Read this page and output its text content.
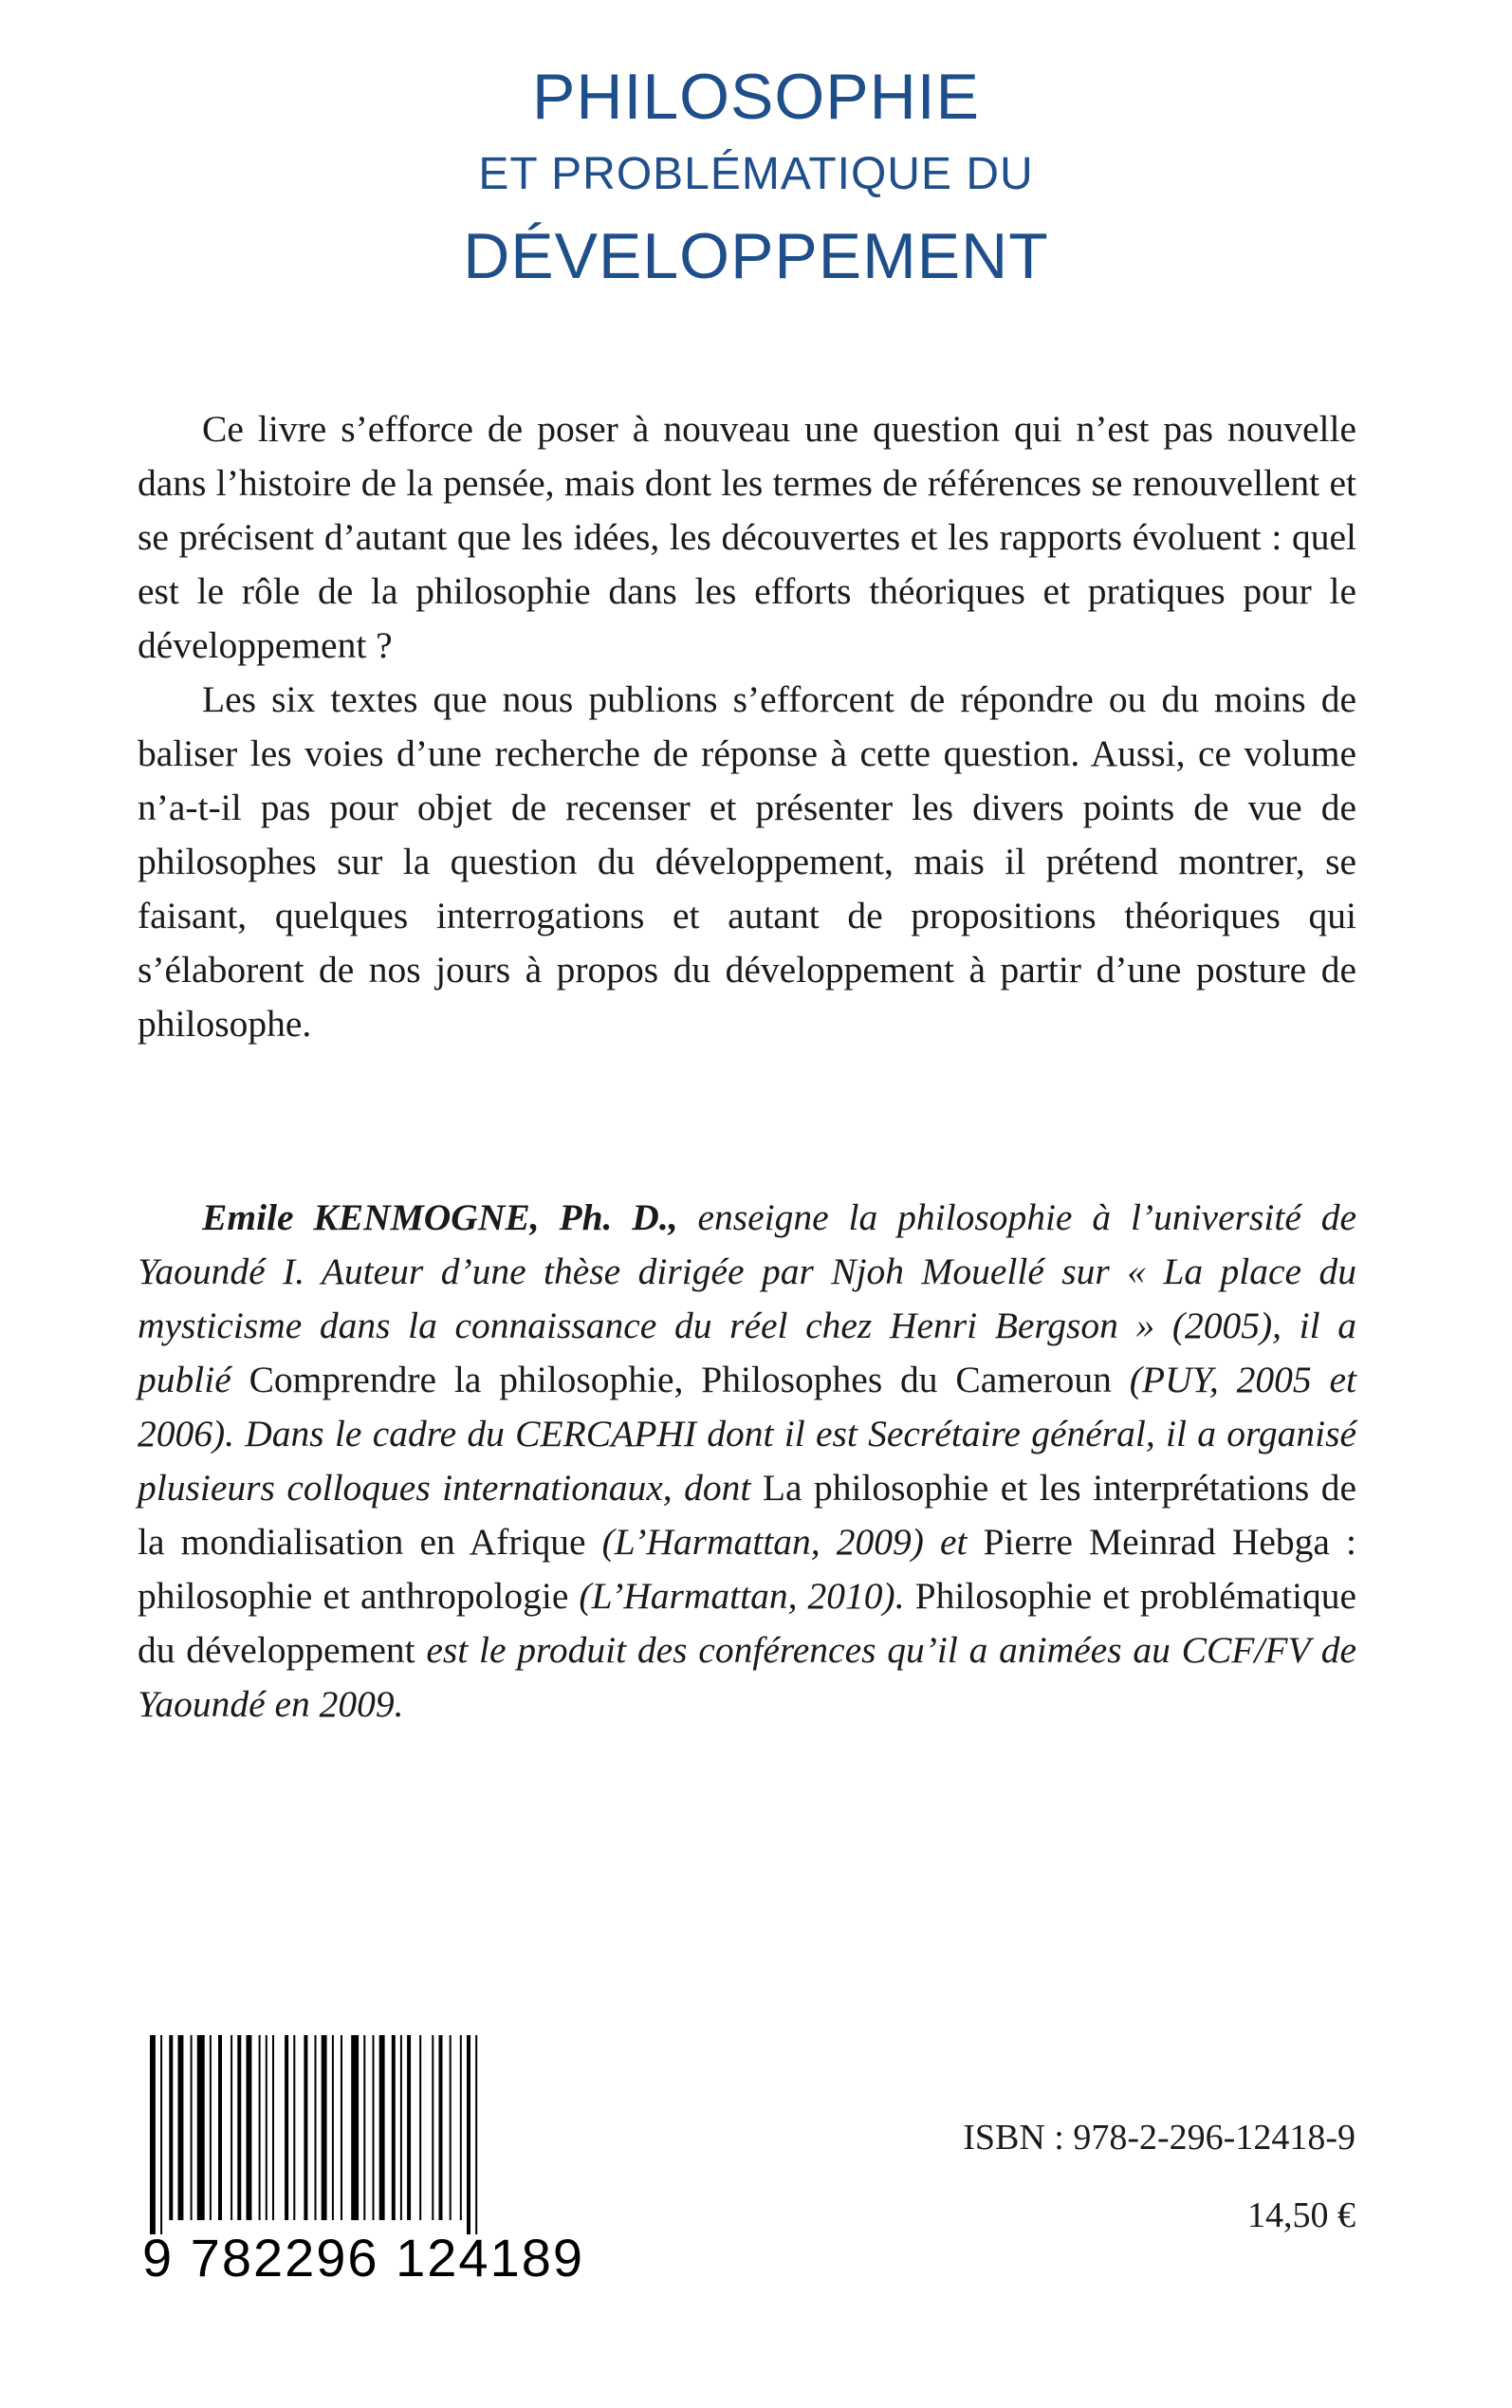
PHILOSOPHIE
ET PROBLÉMATIQUE DU
DÉVELOPPEMENT

Ce livre s’efforce de poser à nouveau une question qui n’est pas nouvelle dans l’histoire de la pensée, mais dont les termes de références se renouvellent et se précisent d’autant que les idées, les découvertes et les rapports évoluent : quel est le rôle de la philosophie dans les efforts théoriques et pratiques pour le développement ?

Les six textes que nous publions s’efforcent de répondre ou du moins de baliser les voies d’une recherche de réponse à cette question. Aussi, ce volume n’a-t-il pas pour objet de recenser et présenter les divers points de vue de philosophes sur la question du développement, mais il prétend montrer, se faisant, quelques interrogations et autant de propositions théoriques qui s’élaborent de nos jours à propos du développement à partir d’une posture de philosophe.

Emile KENMOGNE, Ph. D., enseigne la philosophie à l’université de Yaoundé I. Auteur d’une thèse dirigée par Njoh Mouellé sur « La place du mysticisme dans la connaissance du réel chez Henri Bergson » (2005), il a publié Comprendre la philosophie, Philosophes du Cameroun (PUY, 2005 et 2006). Dans le cadre du CERCAPHI dont il est Secrétaire général, il a organisé plusieurs colloques internationaux, dont La philosophie et les interprétations de la mondialisation en Afrique (L’Harmattan, 2009) et Pierre Meinrad Hebga : philosophie et anthropologie (L’Harmattan, 2010). Philosophie et problématique du développement est le produit des conférences qu’il a animées au CCF/FV de Yaoundé en 2009.

9 782296 124189
ISBN : 978-2-296-12418-9
14,50 €
